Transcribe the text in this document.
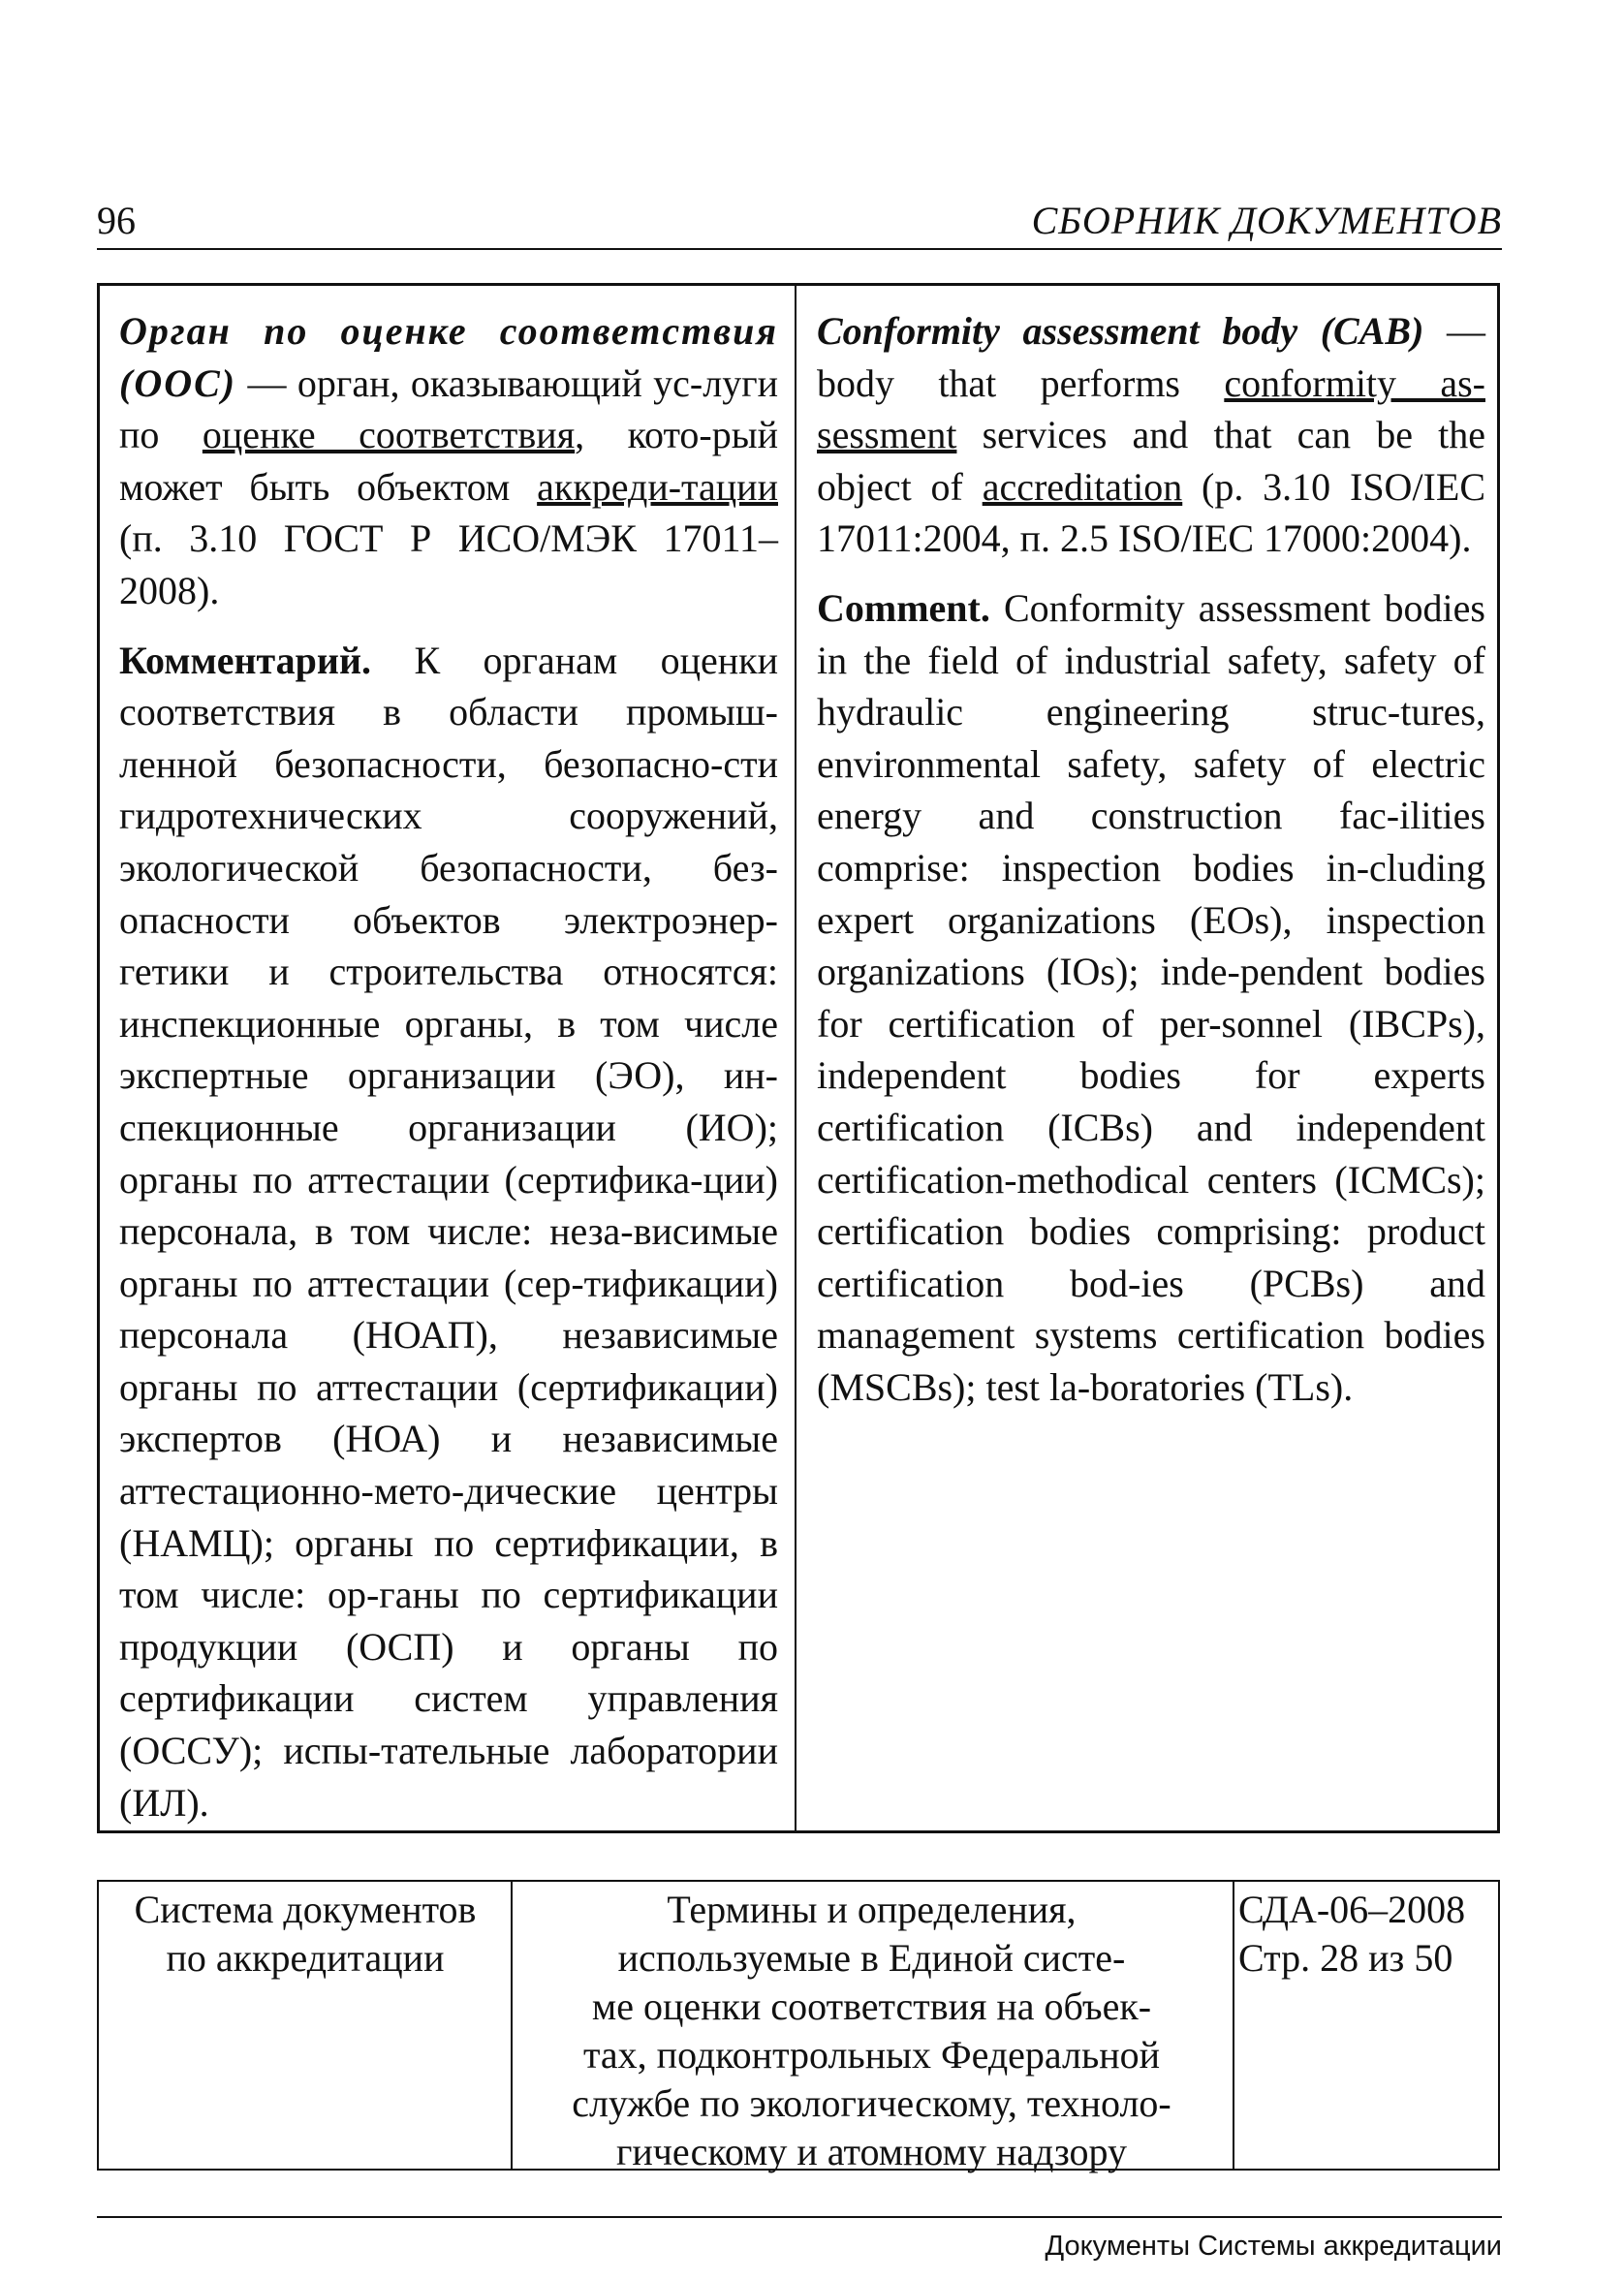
96	СБОРНИК ДОКУМЕНТОВ

Орган по оценке соответствия (ООС) — орган, оказывающий ус-луги по оценке соответствия, кото-рый может быть объектом аккреди-тации (п. 3.10 ГОСТ Р ИСО/МЭК 17011–2008).

Комментарий. К органам оценки соответствия в области промыш-ленной безопасности, безопасно-сти гидротехнических сооружений, экологической безопасности, без-опасности объектов электроэнер-гетики и строительства относятся: инспекционные органы, в том числе экспертные организации (ЭО), ин-спекционные организации (ИО); органы по аттестации (сертифика-ции) персонала, в том числе: неза-висимые органы по аттестации (сер-тификации) персонала (НОАП), независимые органы по аттестации (сертификации) экспертов (НОА) и независимые аттестационно-мето-дические центры (НАМЦ); органы по сертификации, в том числе: ор-ганы по сертификации продукции (ОСП) и органы по сертификации систем управления (ОССУ); испы-тательные лаборатории (ИЛ).

Conformity assessment body (CAB) — body that performs conformity as-sessment services and that can be the object of accreditation (p. 3.10 ISO/IEC 17011:2004, п. 2.5 ISO/IEC 17000:2004).

Comment. Conformity assessment bodies in the field of industrial safety, safety of hydraulic engineering struc-tures, environmental safety, safety of electric energy and construction fac-ilities comprise: inspection bodies in-cluding expert organizations (EOs), inspection organizations (IOs); inde-pendent bodies for certification of per-sonnel (IBCPs), independent bodies for experts certification (ICBs) and independent certification-methodical centers (ICMCs); certification bodies comprising: product certification bod-ies (PCBs) and management systems certification bodies (MSCBs); test la-boratories (TLs).

Система документов
по аккредитации
Термины и определения,
используемые в Единой систе-
ме оценки соответствия на объек-
тах, подконтрольных Федеральной
службе по экологическому, техноло-
гическому и атомному надзору
СДА-06–2008
Стр. 28 из 50
Документы Системы аккредитации
